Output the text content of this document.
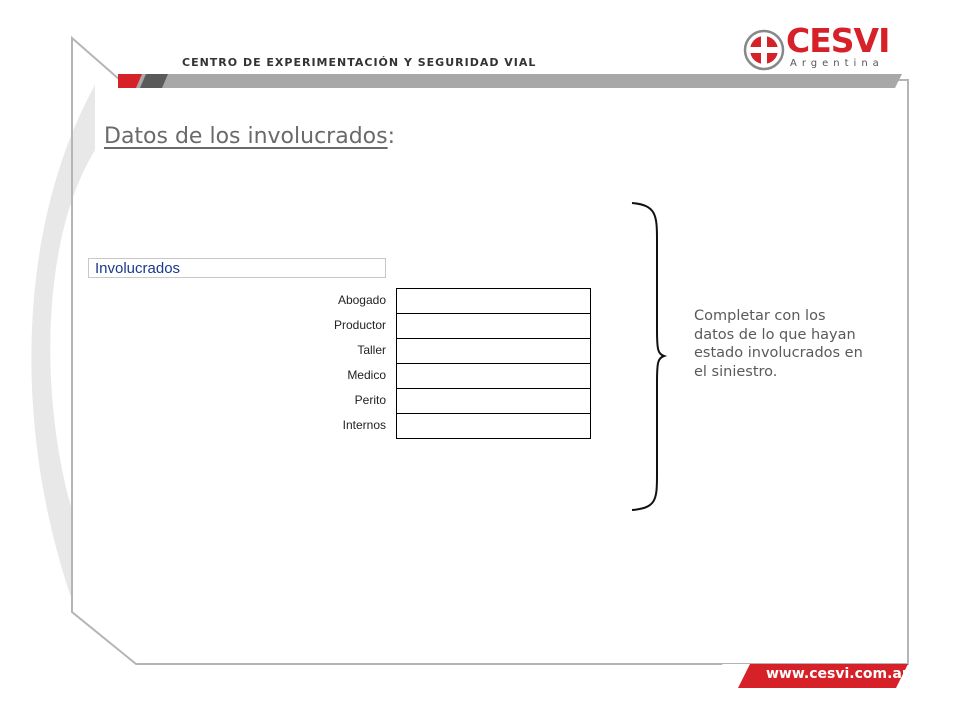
CENTRO DE EXPERIMENTACIÓN Y SEGURIDAD VIAL
CESVI
Argentina
Datos de los involucrados:
Involucrados
Abogado
Productor
Taller
Medico
Perito
Internos
Completar con los
datos de lo que hayan
estado involucrados en
el siniestro.
www.cesvi.com.ar
